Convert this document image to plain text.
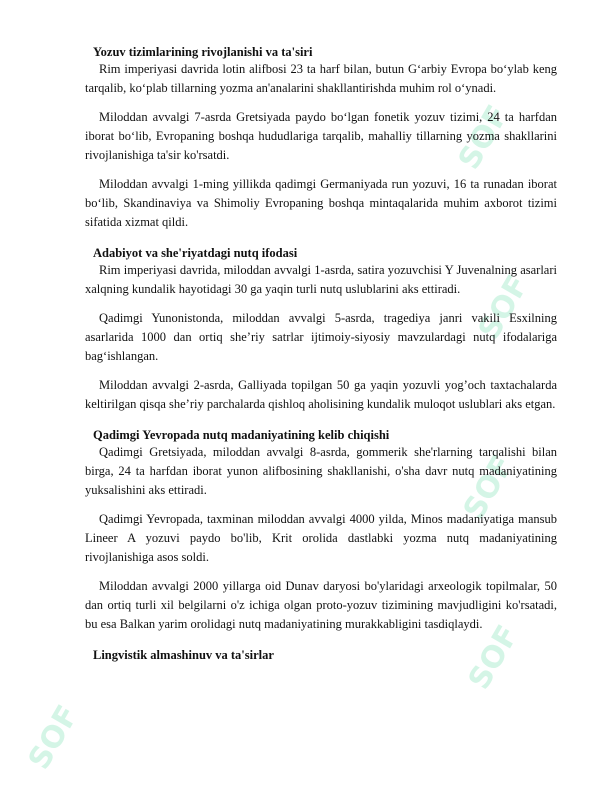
SOF
SOF
SOF
SOF
SOF
Yozuv tizimlarining rivojlanishi va ta'siri

Rim imperiyasi davrida lotin alifbosi 23 ta harf bilan, butun G‘arbiy Evropa bo‘ylab keng tarqalib, ko‘plab tillarning yozma an'analarini shakllantirishda muhim rol o‘ynadi.

Miloddan avvalgi 7-asrda Gretsiyada paydo bo‘lgan fonetik yozuv tizimi, 24 ta harfdan iborat bo‘lib, Evropaning boshqa hududlariga tarqalib, mahalliy tillarning yozma shakllarini rivojlanishiga ta'sir ko'rsatdi.

Miloddan avvalgi 1-ming yillikda qadimgi Germaniyada run yozuvi, 16 ta runadan iborat bo‘lib, Skandinaviya va Shimoliy Evropaning boshqa mintaqalarida muhim axborot tizimi sifatida xizmat qildi.

Adabiyot va she'riyatdagi nutq ifodasi

Rim imperiyasi davrida, miloddan avvalgi 1-asrda, satira yozuvchisi Y Juvenalning asarlari xalqning kundalik hayotidagi 30 ga yaqin turli nutq uslublarini aks ettiradi.

Qadimgi Yunonistonda, miloddan avvalgi 5-asrda, tragediya janri vakili Esxilning asarlarida 1000 dan ortiq she’riy satrlar ijtimoiy-siyosiy mavzulardagi nutq ifodalariga bag‘ishlangan.

Miloddan avvalgi 2-asrda, Galliyada topilgan 50 ga yaqin yozuvli yog’och taxtachalarda keltirilgan qisqa she’riy parchalarda qishloq aholisining kundalik muloqot uslublari aks etgan.

Qadimgi Yevropada nutq madaniyatining kelib chiqishi

Qadimgi Gretsiyada, miloddan avvalgi 8-asrda, gommerik she'rlarning tarqalishi bilan birga, 24 ta harfdan iborat yunon alifbosining shakllanishi, o'sha davr nutq madaniyatining yuksalishini aks ettiradi.

Qadimgi Yevropada, taxminan miloddan avvalgi 4000 yilda, Minos madaniyatiga mansub Lineer A yozuvi paydo bo'lib, Krit orolida dastlabki yozma nutq madaniyatining rivojlanishiga asos soldi.

Miloddan avvalgi 2000 yillarga oid Dunav daryosi bo'ylaridagi arxeologik topilmalar, 50 dan ortiq turli xil belgilarni o'z ichiga olgan proto-yozuv tizimining mavjudligini ko'rsatadi, bu esa Balkan yarim orolidagi nutq madaniyatining murakkabligini tasdiqlaydi.

Lingvistik almashinuv va ta'sirlar
